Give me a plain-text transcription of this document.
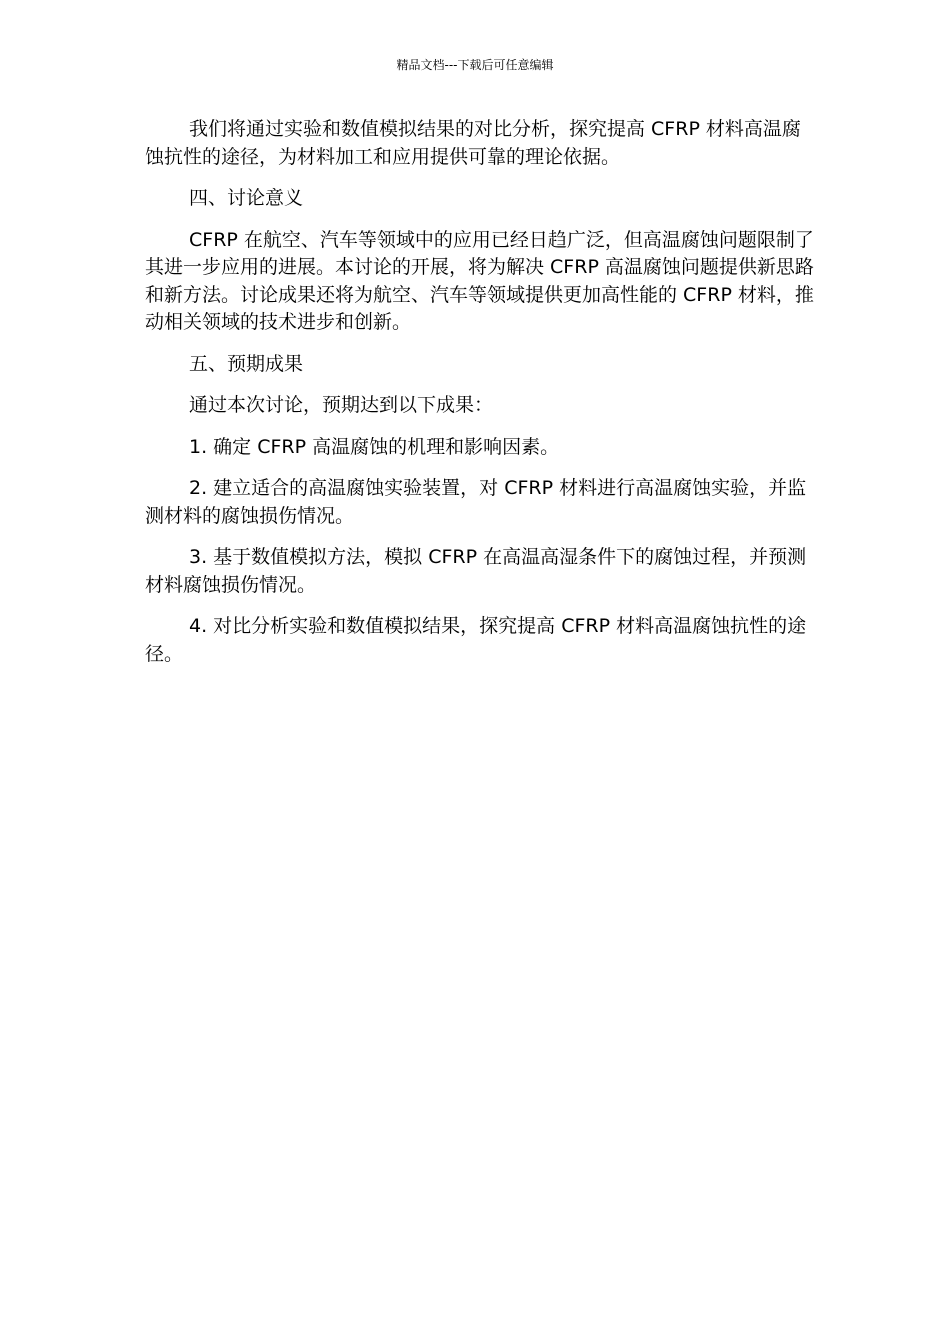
精品文档---下载后可任意编辑

我们将通过实验和数值模拟结果的对比分析，探究提高 CFRP 材料高温腐蚀抗性的途径，为材料加工和应用提供可靠的理论依据。

四、讨论意义

CFRP 在航空、汽车等领域中的应用已经日趋广泛，但高温腐蚀问题限制了其进一步应用的进展。本讨论的开展，将为解决 CFRP 高温腐蚀问题提供新思路和新方法。讨论成果还将为航空、汽车等领域提供更加高性能的 CFRP 材料，推动相关领域的技术进步和创新。

五、预期成果

通过本次讨论，预期达到以下成果：

1. 确定 CFRP 高温腐蚀的机理和影响因素。

2. 建立适合的高温腐蚀实验装置，对 CFRP 材料进行高温腐蚀实验，并监测材料的腐蚀损伤情况。

3. 基于数值模拟方法，模拟 CFRP 在高温高湿条件下的腐蚀过程，并预测材料腐蚀损伤情况。

4. 对比分析实验和数值模拟结果，探究提高 CFRP 材料高温腐蚀抗性的途径。
